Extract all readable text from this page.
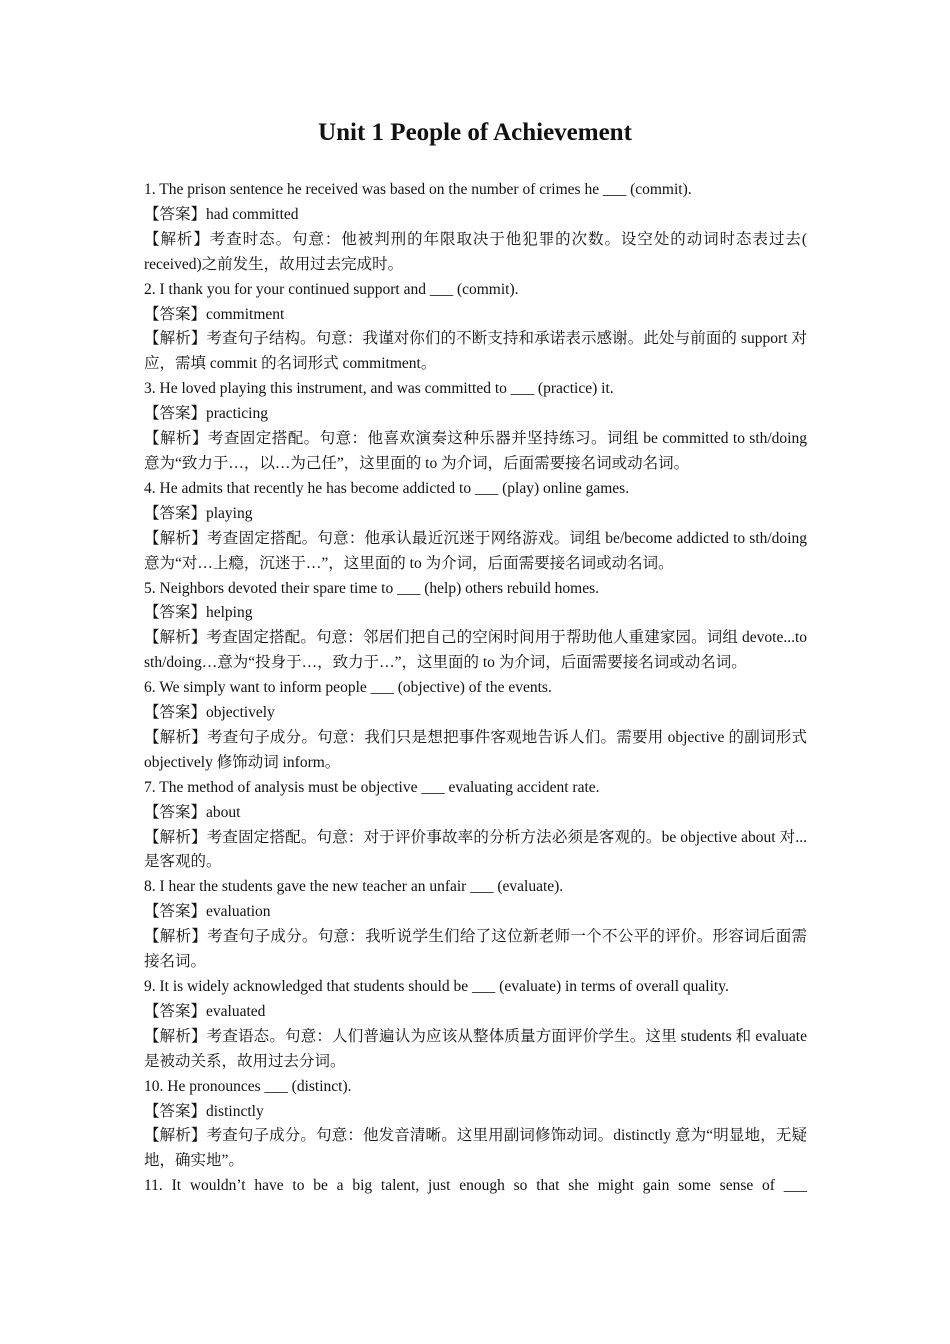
Unit 1 People of Achievement

1. The prison sentence he received was based on the number of crimes he ___ (commit).

【答案】had committed

【解析】考查时态。句意：他被判刑的年限取决于他犯罪的次数。设空处的动词时态表过去( received)之前发生，故用过去完成时。

2. I thank you for your continued support and ___ (commit).

【答案】commitment

【解析】考查句子结构。句意：我谨对你们的不断支持和承诺表示感谢。此处与前面的 support 对应，需填 commit 的名词形式 commitment。

3. He loved playing this instrument, and was committed to ___ (practice) it.

【答案】practicing

【解析】考查固定搭配。句意：他喜欢演奏这种乐器并坚持练习。词组 be committed to sth/doing 意为“致力于…，以…为己任”，这里面的 to 为介词，后面需要接名词或动名词。

4. He admits that recently he has become addicted to ___ (play) online games.

【答案】playing

【解析】考查固定搭配。句意：他承认最近沉迷于网络游戏。词组 be/become addicted to sth/doing 意为“对…上瘾，沉迷于…”，这里面的 to 为介词，后面需要接名词或动名词。

5. Neighbors devoted their spare time to ___ (help) others rebuild homes.

【答案】helping

【解析】考查固定搭配。句意：邻居们把自己的空闲时间用于帮助他人重建家园。词组 devote...to sth/doing…意为“投身于…，致力于…”，这里面的 to 为介词，后面需要接名词或动名词。

6. We simply want to inform people ___ (objective) of the events.

【答案】objectively

【解析】考查句子成分。句意：我们只是想把事件客观地告诉人们。需要用 objective 的副词形式 objectively 修饰动词 inform。

7. The method of analysis must be objective ___ evaluating accident rate.

【答案】about

【解析】考查固定搭配。句意：对于评价事故率的分析方法必须是客观的。be objective about 对...是客观的。

8. I hear the students gave the new teacher an unfair ___ (evaluate).

【答案】evaluation

【解析】考查句子成分。句意：我听说学生们给了这位新老师一个不公平的评价。形容词后面需接名词。

9. It is widely acknowledged that students should be ___ (evaluate) in terms of overall quality.

【答案】evaluated

【解析】考查语态。句意：人们普遍认为应该从整体质量方面评价学生。这里 students 和 evaluate 是被动关系，故用过去分词。

10. He pronounces ___ (distinct).

【答案】distinctly

【解析】考查句子成分。句意：他发音清晰。这里用副词修饰动词。distinctly 意为“明显地，无疑地，确实地”。

11. It wouldn’t have to be a big talent, just enough so that she might gain some sense of ___
